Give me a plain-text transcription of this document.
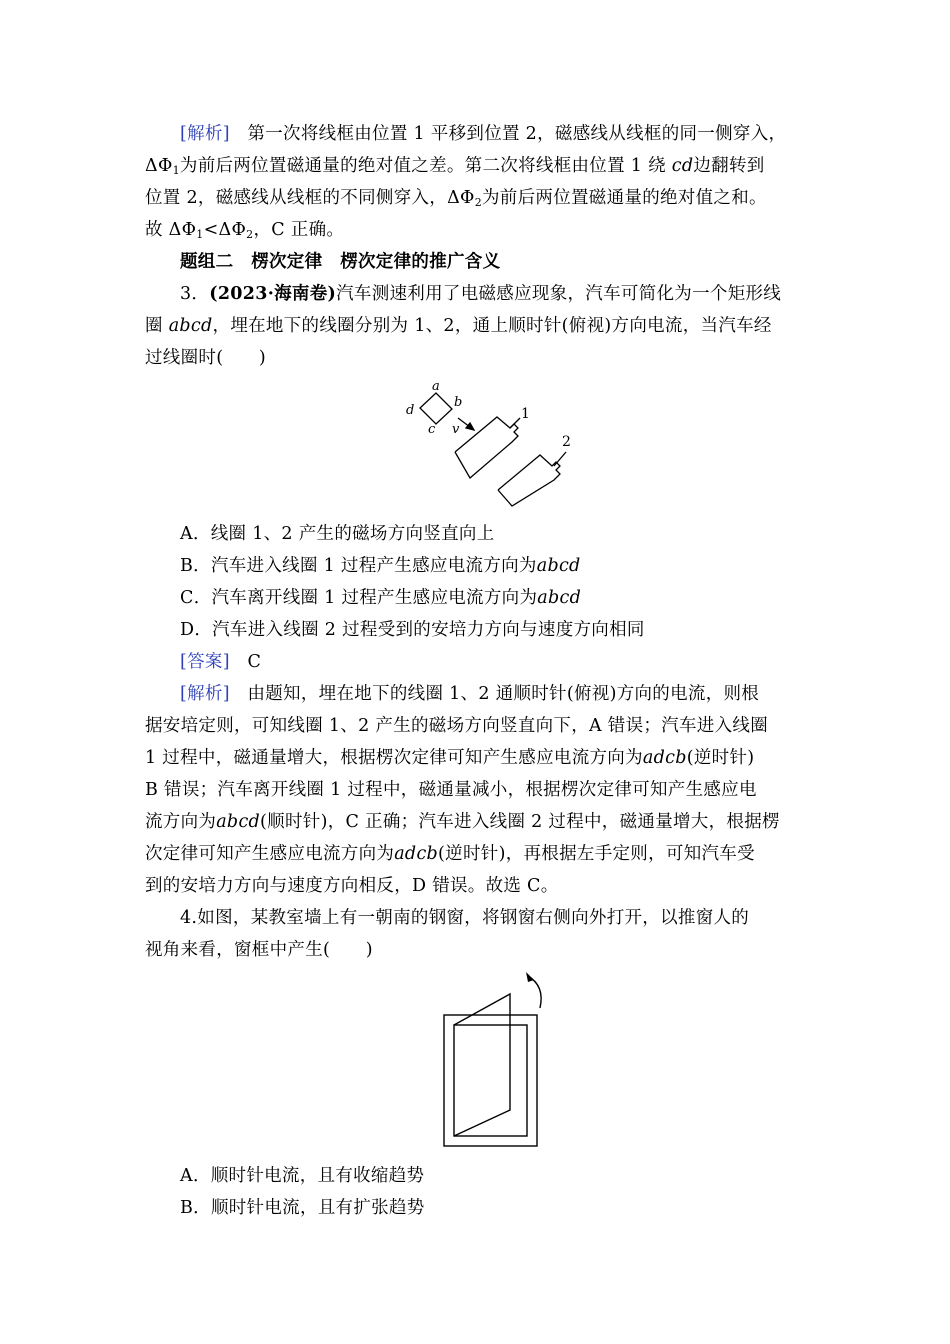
[解析] 第一次将线框由位置 1 平移到位置 2，磁感线从线框的同一侧穿入，
$\Delta\Phi_1$为前后两位置磁通量的绝对值之差。第二次将线框由位置 1 绕 cd边翻转到
位置 2，磁感线从线框的不同侧穿入，$\Delta\Phi_2$为前后两位置磁通量的绝对值之和。
故 $\Delta\Phi_1<\Delta\Phi_2$，C 正确。
题组二　楞次定律　楞次定律的推广含义
3．(2023·海南卷)汽车测速利用了电磁感应现象，汽车可简化为一个矩形线
圈 abcd，埋在地下的线圈分别为 1、2，通上顺时针(俯视)方向电流，当汽车经
过线圈时(　　)
a
b
c
d
v
1
2
A．线圈 1、2 产生的磁场方向竖直向上
B．汽车进入线圈 1 过程产生感应电流方向为abcd
C．汽车离开线圈 1 过程产生感应电流方向为abcd
D．汽车进入线圈 2 过程受到的安培力方向与速度方向相同
[答案] C
[解析] 由题知，埋在地下的线圈 1、2 通顺时针(俯视)方向的电流，则根
据安培定则，可知线圈 1、2 产生的磁场方向竖直向下，A 错误；汽车进入线圈
1 过程中，磁通量增大，根据楞次定律可知产生感应电流方向为adcb(逆时针)
B 错误；汽车离开线圈 1 过程中，磁通量减小，根据楞次定律可知产生感应电
流方向为abcd(顺时针)，C 正确；汽车进入线圈 2 过程中，磁通量增大，根据楞
次定律可知产生感应电流方向为adcb(逆时针)，再根据左手定则，可知汽车受
到的安培力方向与速度方向相反，D 错误。故选 C。
4.如图，某教室墙上有一朝南的钢窗，将钢窗右侧向外打开，以推窗人的
视角来看，窗框中产生(　　)
A．顺时针电流，且有收缩趋势
B．顺时针电流，且有扩张趋势
